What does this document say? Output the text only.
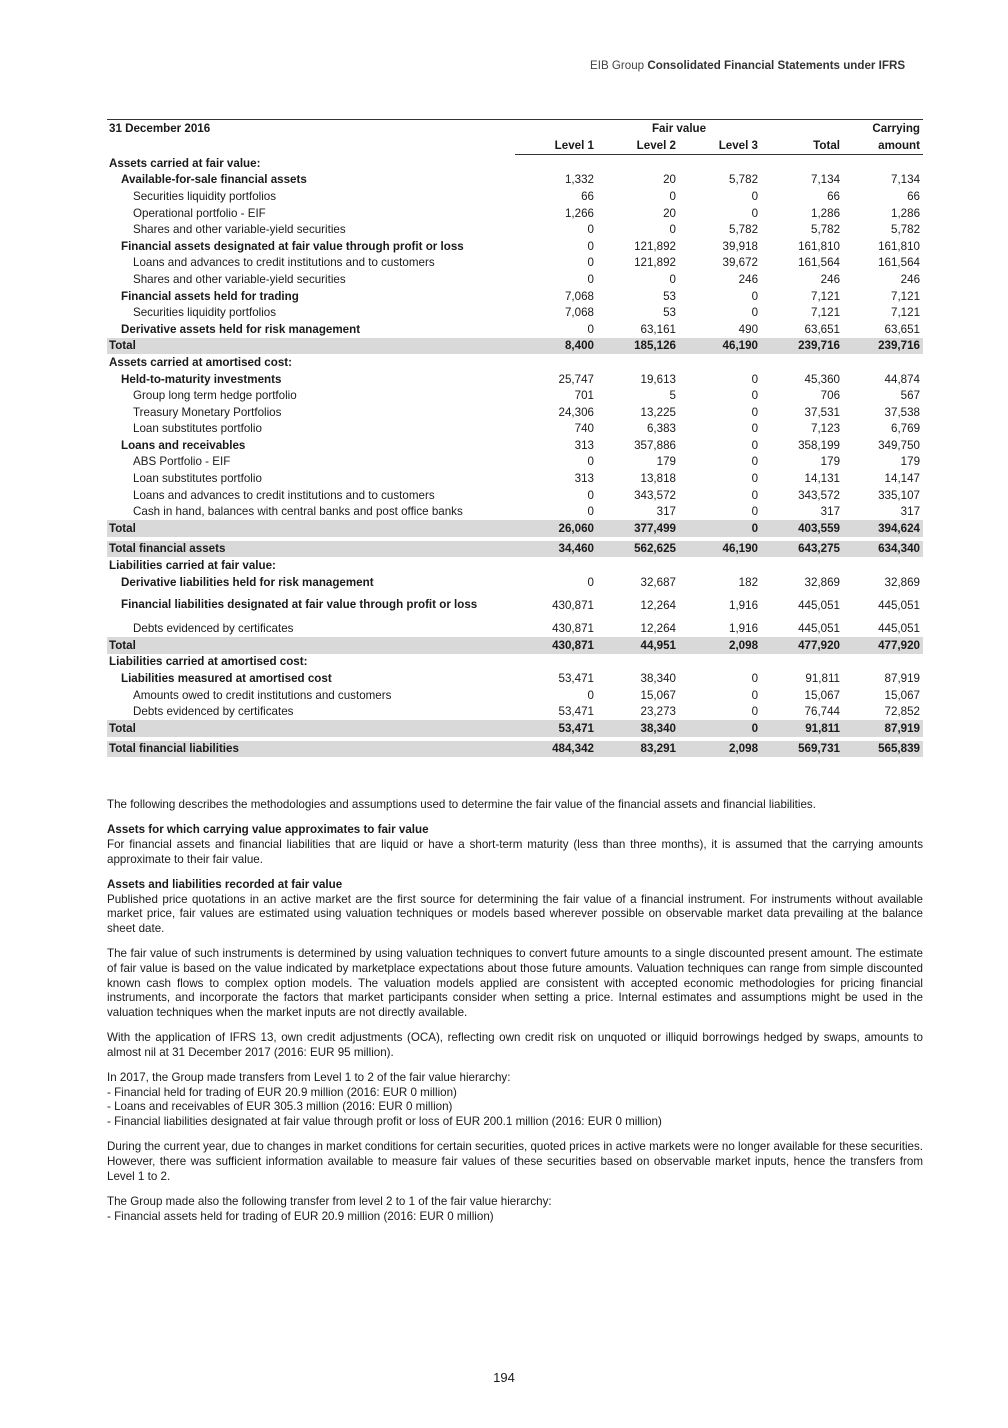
EIB Group Consolidated Financial Statements under IFRS
31 December 2016		Fair value			Carrying
	Level 1	Level 2	Level 3	Total	amount
Assets carried at fair value:					
Available-for-sale financial assets	1,332	20	5,782	7,134	7,134
Securities liquidity portfolios	66	0	0	66	66
Operational portfolio - EIF	1,266	20	0	1,286	1,286
Shares and other variable-yield securities	0	0	5,782	5,782	5,782
Financial assets designated at fair value through profit or loss	0	121,892	39,918	161,810	161,810
Loans and advances to credit institutions and to customers	0	121,892	39,672	161,564	161,564
Shares and other variable-yield securities	0	0	246	246	246
Financial assets held for trading	7,068	53	0	7,121	7,121
Securities liquidity portfolios	7,068	53	0	7,121	7,121
Derivative assets held for risk management	0	63,161	490	63,651	63,651
Total	8,400	185,126	46,190	239,716	239,716
Assets carried at amortised cost:					
Held-to-maturity investments	25,747	19,613	0	45,360	44,874
Group long term hedge portfolio	701	5	0	706	567
Treasury Monetary Portfolios	24,306	13,225	0	37,531	37,538
Loan substitutes portfolio	740	6,383	0	7,123	6,769
Loans and receivables	313	357,886	0	358,199	349,750
ABS Portfolio - EIF	0	179	0	179	179
Loan substitutes portfolio	313	13,818	0	14,131	14,147
Loans and advances to credit institutions and to customers	0	343,572	0	343,572	335,107
Cash in hand, balances with central banks and post office banks	0	317	0	317	317
Total	26,060	377,499	0	403,559	394,624

Total financial assets	34,460	562,625	46,190	643,275	634,340
Liabilities carried at fair value:					
Derivative liabilities held for risk management	0	32,687	182	32,869	32,869
Financial liabilities designated at fair value through profit or loss	430,871	12,264	1,916	445,051	445,051
Debts evidenced by certificates	430,871	12,264	1,916	445,051	445,051
Total	430,871	44,951	2,098	477,920	477,920
Liabilities carried at amortised cost:					
Liabilities measured at amortised cost	53,471	38,340	0	91,811	87,919
Amounts owed to credit institutions and customers	0	15,067	0	15,067	15,067
Debts evidenced by certificates	53,471	23,273	0	76,744	72,852
Total	53,471	38,340	0	91,811	87,919

Total financial liabilities	484,342	83,291	2,098	569,731	565,839

The following describes the methodologies and assumptions used to determine the fair value of the financial assets and financial liabilities.

Assets for which carrying value approximates to fair value
For financial assets and financial liabilities that are liquid or have a short-term maturity (less than three months), it is assumed that the carrying amounts approximate to their fair value.

Assets and liabilities recorded at fair value
Published price quotations in an active market are the first source for determining the fair value of a financial instrument. For instruments without available market price, fair values are estimated using valuation techniques or models based wherever possible on observable market data prevailing at the balance sheet date.

The fair value of such instruments is determined by using valuation techniques to convert future amounts to a single discounted present amount. The estimate of fair value is based on the value indicated by marketplace expectations about those future amounts. Valuation techniques can range from simple discounted known cash flows to complex option models. The valuation models applied are consistent with accepted economic methodologies for pricing financial instruments, and incorporate the factors that market participants consider when setting a price. Internal estimates and assumptions might be used in the valuation techniques when the market inputs are not directly available.

With the application of IFRS 13, own credit adjustments (OCA), reflecting own credit risk on unquoted or illiquid borrowings hedged by swaps, amounts to almost nil at 31 December 2017 (2016: EUR 95 million).

In 2017, the Group made transfers from Level 1 to 2 of the fair value hierarchy:
- Financial held for trading of EUR 20.9 million (2016: EUR 0 million)
- Loans and receivables of EUR 305.3 million (2016: EUR 0 million)
- Financial liabilities designated at fair value through profit or loss of EUR 200.1 million (2016: EUR 0 million)

During the current year, due to changes in market conditions for certain securities, quoted prices in active markets were no longer available for these securities. However, there was sufficient information available to measure fair values of these securities based on observable market inputs, hence the transfers from Level 1 to 2.

The Group made also the following transfer from level 2 to 1 of the fair value hierarchy:
- Financial assets held for trading of EUR 20.9 million (2016: EUR 0 million)

194
